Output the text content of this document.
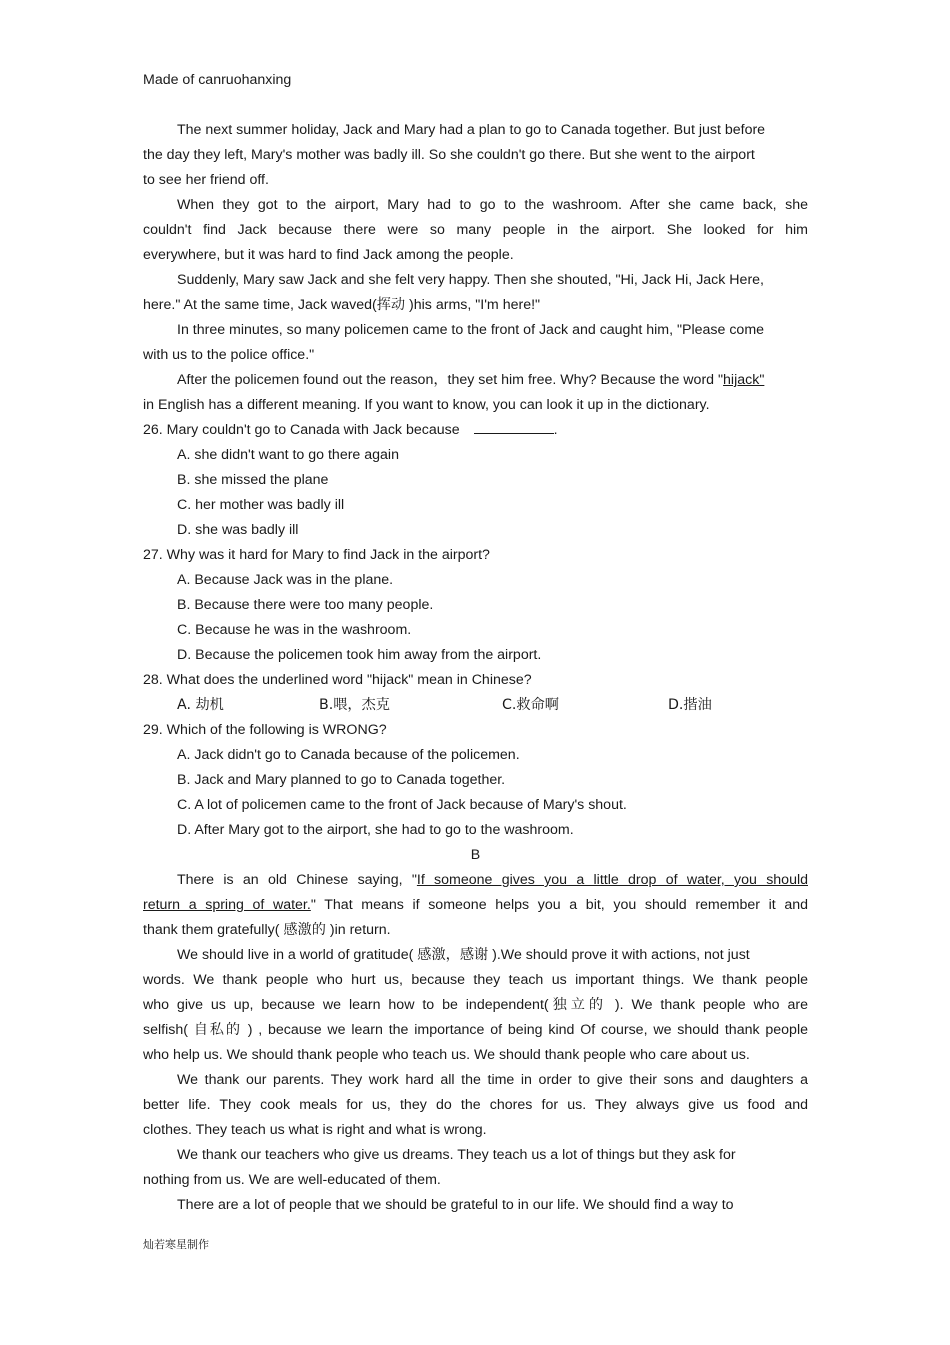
Made of canruohanxing
The next summer holiday, Jack and Mary had a plan to go to Canada together. But just before
the day they left, Mary's mother was badly ill. So she couldn't go there. But she went to the airport
to see her friend off.
When they got to the airport, Mary had to go to the washroom. After she came back, she
couldn't find Jack because there were so many people in the airport. She looked for him
everywhere, but it was hard to find Jack among the people.
Suddenly, Mary saw Jack and she felt very happy. Then she shouted, "Hi, Jack Hi, Jack Here,
here." At the same time, Jack waved(挥动 )his arms, "I'm here!"
In three minutes, so many policemen came to the front of Jack and caught him, "Please come
with us to the police office."
After the policemen found out the reason，they set him free. Why? Because the word "hijack"
in English has a different meaning. If you want to know, you can look it up in the dictionary.
26. Mary couldn't go to Canada with Jack because	.
A. she didn't want to go there again
B. she missed the plane
C. her mother was badly ill
D. she was badly ill
27. Why was it hard for Mary to find Jack in the airport?
A. Because Jack was in the plane.
B. Because there were too many people.
C. Because he was in the washroom.
D. Because the policemen took him away from the airport.
28. What does the underlined word "hijack" mean in Chinese?
A. 劫机	B.喂，杰克	C.救命啊	D.揩油
29. Which of the following is WRONG?
A. Jack didn't go to Canada because of the policemen.
B. Jack and Mary planned to go to Canada together.
C. A lot of policemen came to the front of Jack because of Mary's shout.
D. After Mary got to the airport, she had to go to the washroom.
B
There is an old Chinese saying, "If someone gives you a little drop of water, you should
return a spring of water." That means if someone helps you a bit, you should remember it and
thank them gratefully( 感激的 )in return.
We should live in a world of gratitude( 感激，感谢 ).We should prove it with actions, not just
words. We thank people who hurt us, because they teach us important things. We thank people
who give us up, because we learn how to be independent(独立的 ). We thank people who are
selfish( 自私的 ) , because we learn the importance of being kind Of course, we should thank people
who help us. We should thank people who teach us. We should thank people who care about us.
We thank our parents. They work hard all the time in order to give their sons and daughters a
better life. They cook meals for us, they do the chores for us. They always give us food and
clothes. They teach us what is right and what is wrong.
We thank our teachers who give us dreams. They teach us a lot of things but they ask for
nothing from us. We are well-educated of them.
There are a lot of people that we should be grateful to in our life. We should find a way to
灿若寒星制作
